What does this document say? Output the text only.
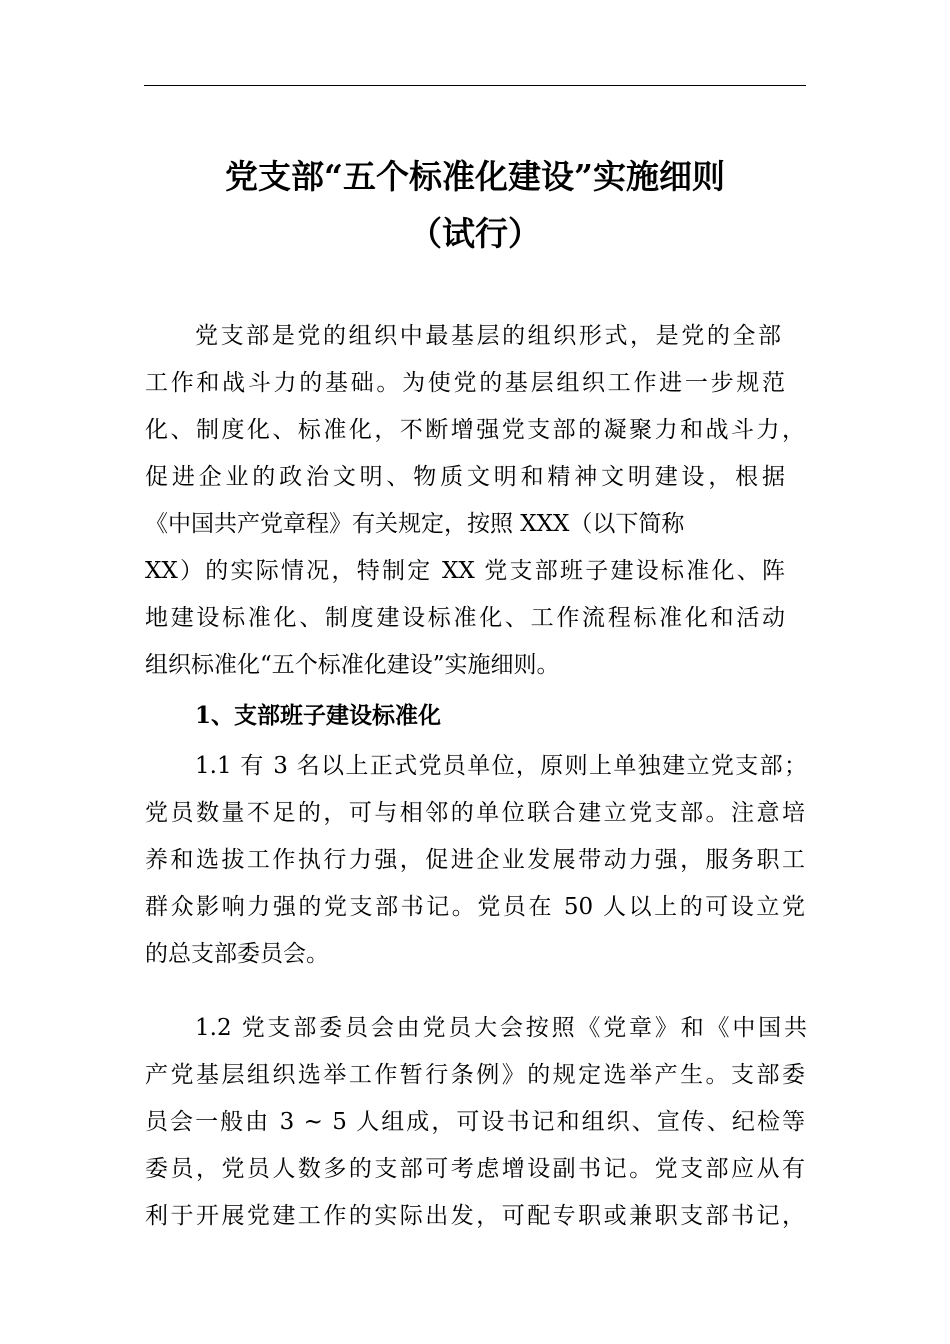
党支部“五个标准化建设”实施细则
（试行）
党支部是党的组织中最基层的组织形式，是党的全部
工作和战斗力的基础。为使党的基层组织工作进一步规范
化、制度化、标准化，不断增强党支部的凝聚力和战斗力，
促进企业的政治文明、物质文明和精神文明建设，根据
《中国共产党章程》有关规定，按照 XXX（以下简称
XX）的实际情况，特制定 XX 党支部班子建设标准化、阵
地建设标准化、制度建设标准化、工作流程标准化和活动
组织标准化“五个标准化建设”实施细则。
1、支部班子建设标准化
1.1 有 3 名以上正式党员单位，原则上单独建立党支部；
党员数量不足的，可与相邻的单位联合建立党支部。注意培
养和选拔工作执行力强，促进企业发展带动力强，服务职工
群众影响力强的党支部书记。党员在 50 人以上的可设立党
的总支部委员会。
1.2 党支部委员会由党员大会按照《党章》和《中国共
产党基层组织选举工作暂行条例》的规定选举产生。支部委
员会一般由 3 ~ 5 人组成，可设书记和组织、宣传、纪检等
委员，党员人数多的支部可考虑增设副书记。党支部应从有
利于开展党建工作的实际出发，可配专职或兼职支部书记，
